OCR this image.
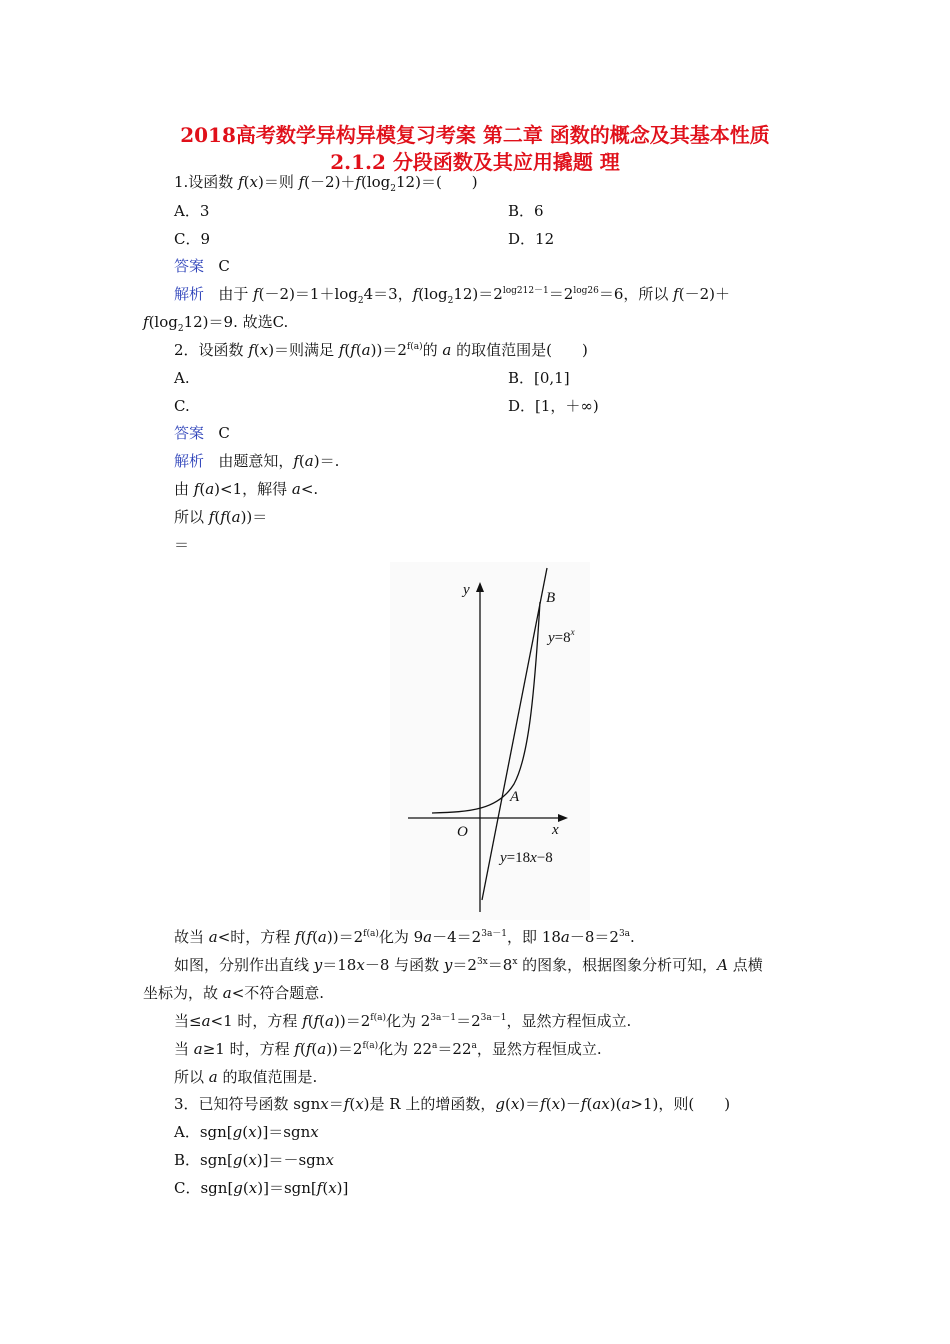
2018高考数学异构异模复习考案 第二章 函数的概念及其基本性质
2.1.2 分段函数及其应用撬题 理
1.设函数 f(x)＝则 $f(-2)+f(\log_212)=$(　　)
A．3	B．6
C．9	D．12
答案 C
解析 由于 $f(-2)=1+\log_24=3$，$f(\log_212)=2^{log212-1}=2^{log26}=6$，所以 f(－2)＋
$f(\log_212)=9$. 故选C.
2．设函数 f(x)＝则满足 $f(f(a))=2^{f(a)}$的 a 的取值范围是(　　)
A.	B．[0,1]
C.	D．[1，＋∞)
答案 C
解析 由题意知，f(a)＝.
由 f(a)<1，解得 a<.
所以 f(f(a))＝
＝
y
x
O
A
B
$y=8^x$
y=18x−8
故当 a<时，方程 $f(f(a))=2^{f(a)}$化为 $9a-4=2^{3a-1}$，即 $18a-8=2^{3a}$.
如图，分别作出直线 y＝18x－8 与函数 $y=2^{3x}=8^x$ 的图象，根据图象分析可知，A 点横
坐标为，故 a<不符合题意.
当≤a<1 时，方程 $f(f(a))=2^{f(a)}$化为 $2^{3a-1}=2^{3a-1}$，显然方程恒成立.
当 a≥1 时，方程 $f(f(a))=2^{f(a)}$化为 $22^a=22^a$，显然方程恒成立.
所以 a 的取值范围是.
3．已知符号函数 sgnx＝f(x)是 R 上的增函数，g(x)＝f(x)－f(ax)(a>1)，则(　　)
A．sgn[g(x)]＝sgnx
B．sgn[g(x)]＝－sgnx
C．sgn[g(x)]＝sgn[f(x)]
